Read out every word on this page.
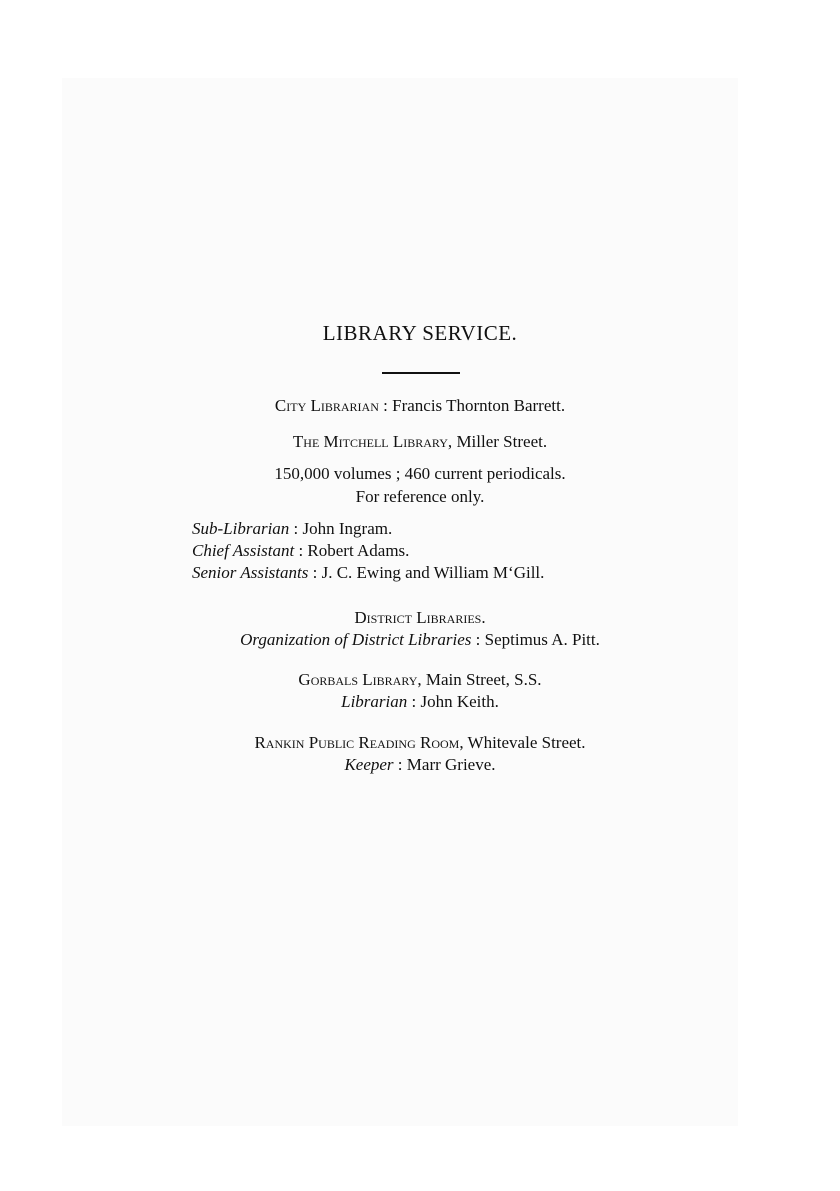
LIBRARY SERVICE.
City Librarian : Francis Thornton Barrett.
The Mitchell Library, Miller Street.
150,000 volumes ; 460 current periodicals.
For reference only.
Sub-Librarian : John Ingram.
Chief Assistant : Robert Adams.
Senior Assistants : J. C. Ewing and William M‘Gill.
District Libraries.
Organization of District Libraries : Septimus A. Pitt.
Gorbals Library, Main Street, S.S.
Librarian : John Keith.
Rankin Public Reading Room, Whitevale Street.
Keeper : Marr Grieve.
